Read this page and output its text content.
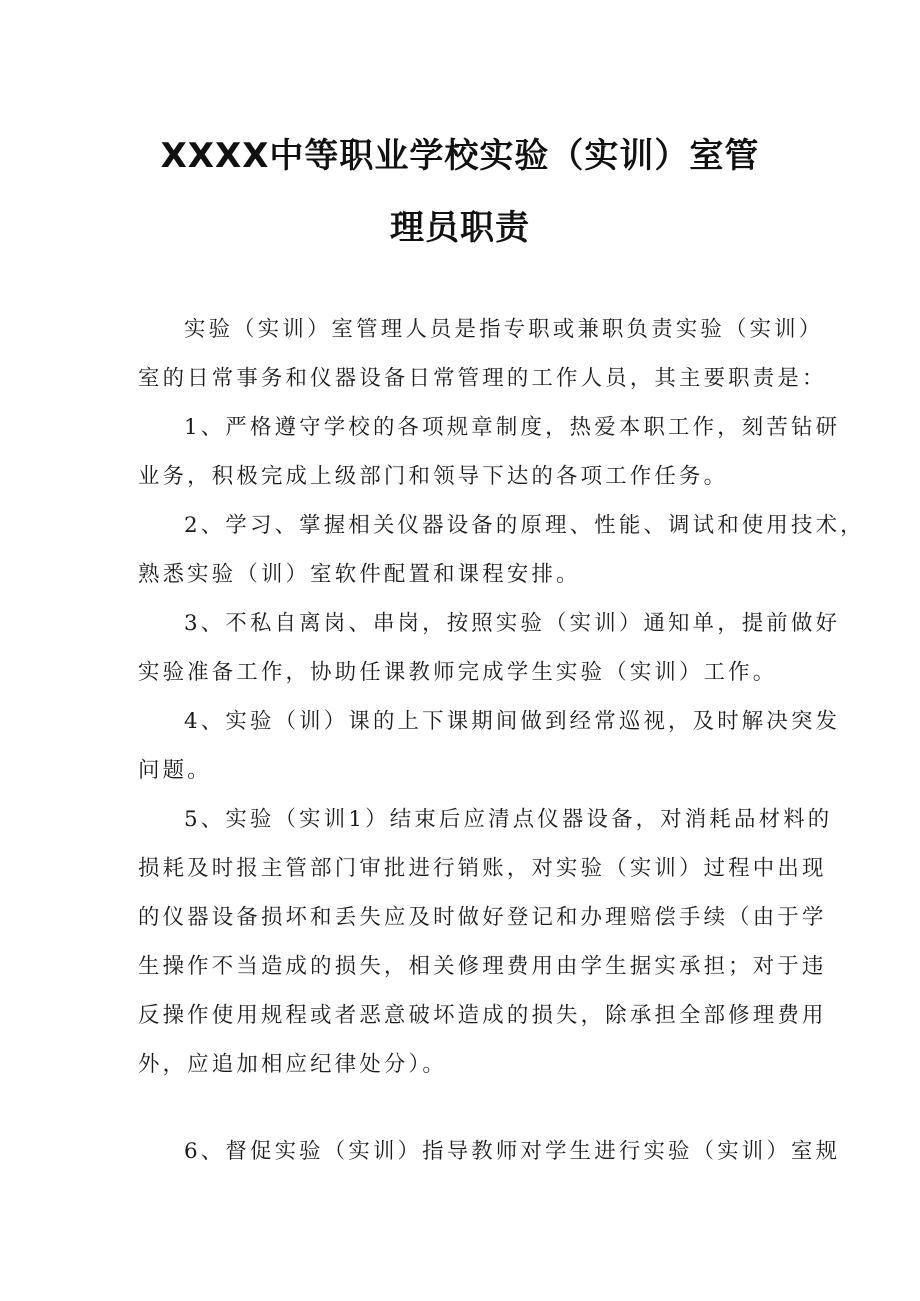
XXXX中等职业学校实验（实训）室管
理员职责
实验（实训）室管理人员是指专职或兼职负责实验（实训）
室的日常事务和仪器设备日常管理的工作人员，其主要职责是：
1、严格遵守学校的各项规章制度，热爱本职工作，刻苦钻研
业务，积极完成上级部门和领导下达的各项工作任务。
2、学习、掌握相关仪器设备的原理、性能、调试和使用技术，
熟悉实验（训）室软件配置和课程安排。
3、不私自离岗、串岗，按照实验（实训）通知单，提前做好
实验准备工作，协助任课教师完成学生实验（实训）工作。
4、实验（训）课的上下课期间做到经常巡视，及时解决突发
问题。
5、实验（实训1）结束后应清点仪器设备，对消耗品材料的
损耗及时报主管部门审批进行销账，对实验（实训）过程中出现
的仪器设备损坏和丢失应及时做好登记和办理赔偿手续（由于学
生操作不当造成的损失，相关修理费用由学生据实承担；对于违
反操作使用规程或者恶意破坏造成的损失，除承担全部修理费用
外，应追加相应纪律处分）。
6、督促实验（实训）指导教师对学生进行实验（实训）室规
